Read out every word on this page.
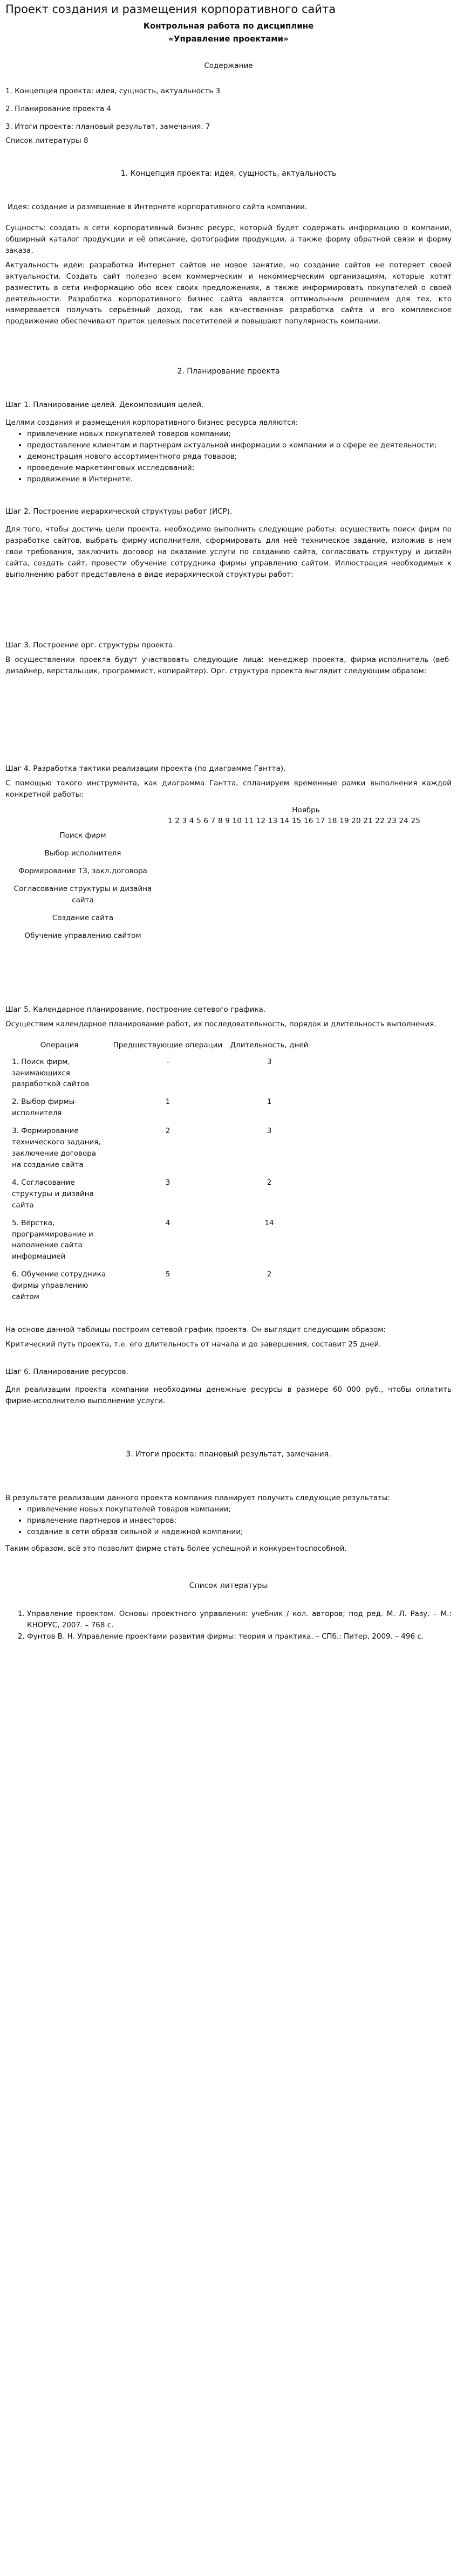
Проект создания и размещения корпоративного сайта
Контрольная работа по дисциплине
«Управление проектами»
Содержание
1. Концепция проекта: идея, сущность, актуальность 3
2. Планирование проекта 4
3. Итоги проекта: плановый результат, замечания. 7
Список литературы 8
1. Концепция проекта: идея, сущность, актуальность

Идея: создание и размещение в Интернете корпоративного сайта компании.

Сущность: создать в сети корпоративный бизнес ресурс, который будет содержать информацию о компании, обширный каталог продукции и её описание, фотографии продукции, а также форму обратной связи и форму заказа.

Актуальность идеи: разработка Интернет сайтов не новое занятие, но создание сайтов не потеряет своей актуальности. Создать сайт полезно всем коммерческим и некоммерческим организациям, которые хотят разместить в сети информацию обо всех своих предложениях, а также информировать покупателей о своей деятельности. Разработка корпоративного бизнес сайта является оптимальным решением для тех, кто намеревается получать серьёзный доход, так как качественная разработка сайта и его комплексное продвижение обеспечивают приток целевых посетителей и повышают популярность компании.

2. Планирование проекта

Шаг 1. Планирование целей. Декомпозиция целей.

Целями создания и размещения корпоративного бизнес ресурса являются:

• привлечение новых покупателей товаров компании;
• предоставление клиентам и партнерам актуальной информации о компании и о сфере ее деятельности;
• демонстрация нового ассортиментного ряда товаров;
• проведение маркетинговых исследований;
• продвижение в Интернете.

Шаг 2. Построение иерархической структуры работ (ИСР).

Для того, чтобы достичь цели проекта, необходимо выполнить следующие работы: осуществить поиск фирм по разработке сайтов, выбрать фирму-исполнителя, сформировать для неё техническое задание, изложив в нем свои требования, заключить договор на оказание услуги по созданию сайта, согласовать структуру и дизайн сайта, создать сайт, провести обучение сотрудника фирмы управлению сайтом. Иллюстрация необходимых к выполнению работ представлена в виде иерархической структуры работ:

Шаг 3. Построение орг. структуры проекта.

В осуществлении проекта будут участвовать следующие лица: менеджер проекта, фирма-исполнитель (веб-дизайнер, верстальщик, программист, копирайтер). Орг. структура проекта выглядит следующим образом:

Шаг 4. Разработка тактики реализации проекта (по диаграмме Гантта).

С помощью такого инструмента, как диаграмма Гантта, спланируем временные рамки выполнения каждой конкретной работы:

	Ноябрь
	1 2 3 4 5 6 7 8 9 10 11 12 13 14 15 16 17 18 19 20 21 22 23 24 25
Поиск фирм	
Выбор исполнителя	
Формирование ТЗ, закл.договора	
Согласование структуры и дизайна сайта	
Создание сайта	
Обучение управлению сайтом	

Шаг 5. Календарное планирование, построение сетевого графика.

Осуществим календарное планирование работ, их последовательность, порядок и длительность выполнения.

Операция	Предшествующие операции	Длительность, дней
1. Поиск фирм, занимающихся разработкой сайтов	-	3
2. Выбор фирмы-исполнителя	1	1
3. Формирование технического задания, заключение договора на создание сайта	2	3
4. Согласование структуры и дизайна сайта	3	2
5. Вёрстка, программирование и наполнение сайта информацией	4	14
6. Обучение сотрудника фирмы управлению сайтом	5	2

На основе данной таблицы построим сетевой график проекта. Он выглядит следующим образом:

Критический путь проекта, т.е. его длительность от начала и до завершения, составит 25 дней.

Шаг 6. Планирование ресурсов.

Для реализации проекта компании необходимы денежные ресурсы в размере 60 000 руб., чтобы оплатить фирме-исполнителю выполнение услуги.

3. Итоги проекта: плановый результат, замечания.

В результате реализации данного проекта компания планирует получить следующие результаты:

• привлечение новых покупателей товаров компании;
• привлечение партнеров и инвесторов;
• создание в сети образа сильной и надежной компании;

Таким образом, всё это позволит фирме стать более успешной и конкурентоспособной.

Список литературы
1. Управление проектом. Основы проектного управления: учебник / кол. авторов; под ред. М. Л. Разу. – М.: КНОРУС, 2007. – 768 с.
2. Фунтов В. Н. Управление проектами развития фирмы: теория и практика. – СПб.: Питер, 2009. – 496 с.
